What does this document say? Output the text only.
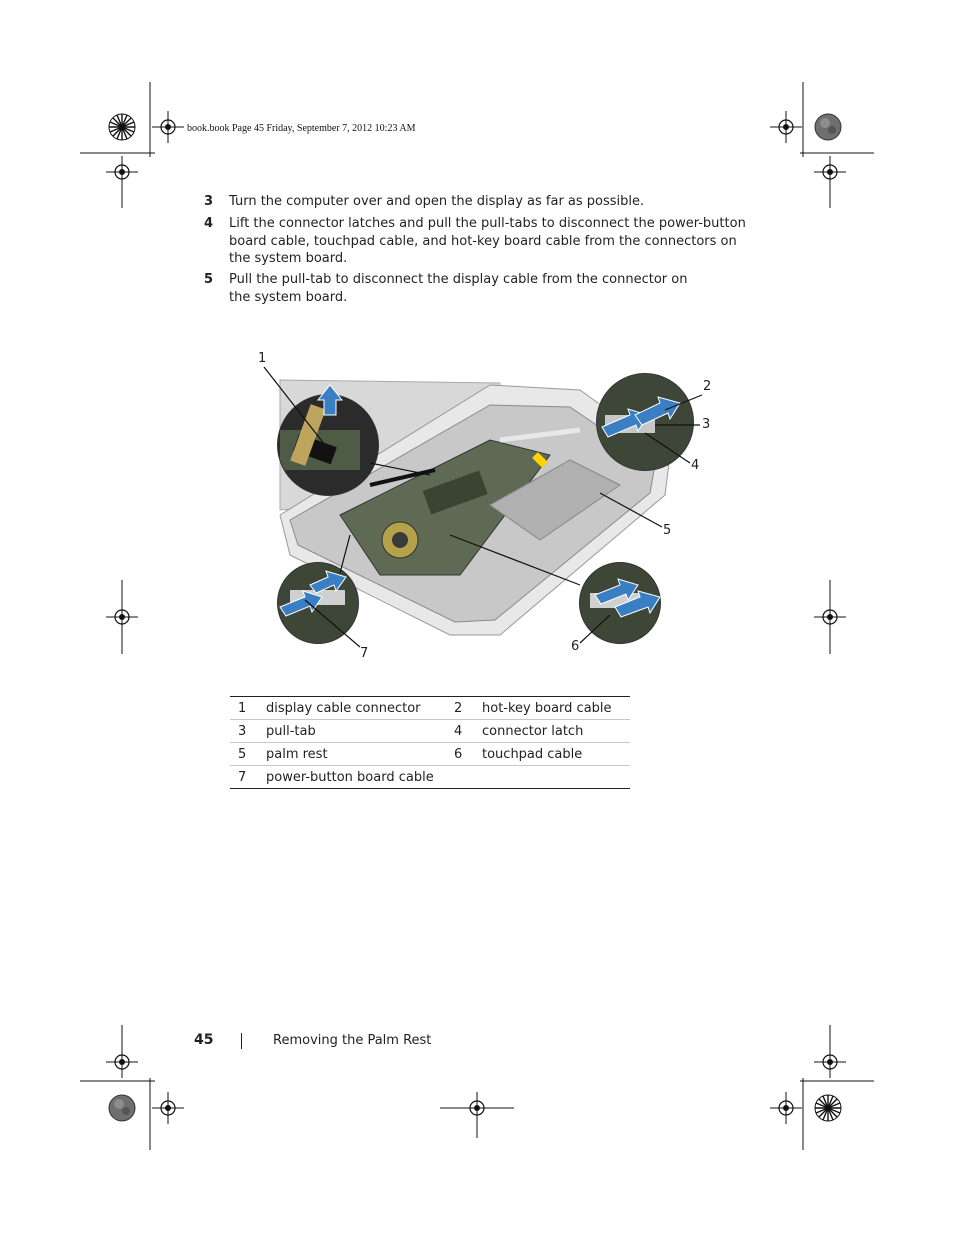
book.book Page 45 Friday, September 7, 2012 10:23 AM
3	Turn the computer over and open the display as far as possible.
4	Lift the connector latches and pull the pull-tabs to disconnect the power-button board cable, touchpad cable, and hot-key board cable from the connectors on the system board.
5	Pull the pull-tab to disconnect the display cable from the connector on the system board.
1
2
3
4
5
6
7
1	display cable connector	2	hot-key board cable
3	pull-tab	4	connector latch
5	palm rest	6	touchpad cable
7	power-button board cable		
45	Removing the Palm Rest
